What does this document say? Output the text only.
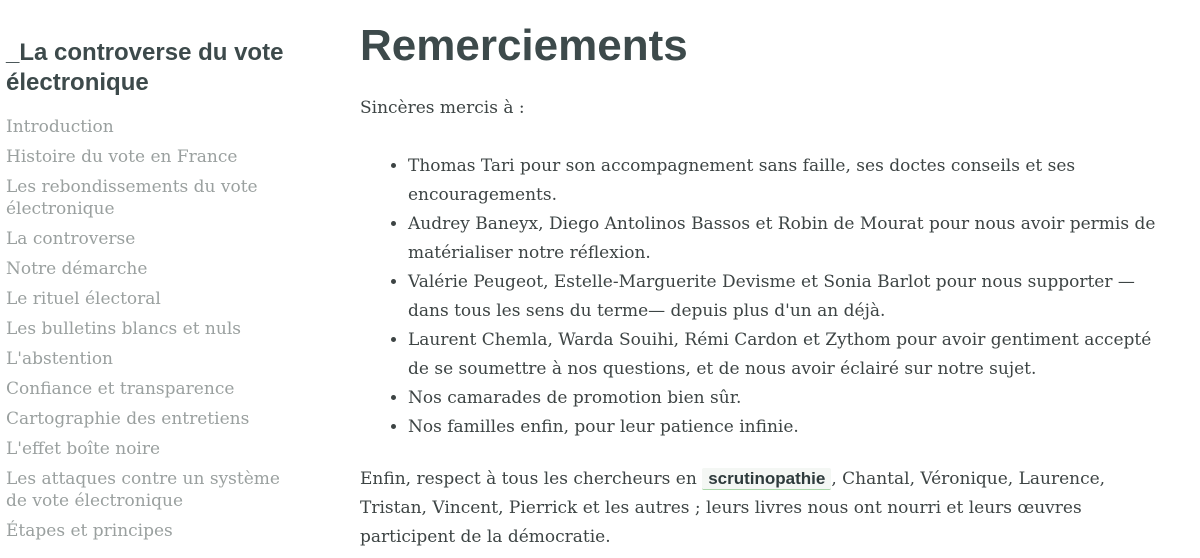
_La controverse du vote électronique
Introduction
Histoire du vote en France
Les rebondissements du vote électronique
La controverse
Notre démarche
Le rituel électoral
Les bulletins blancs et nuls
L'abstention
Confiance et transparence
Cartographie des entretiens
L'effet boîte noire
Les attaques contre un système de vote électronique
Étapes et principes
Remerciements

Sincères mercis à :

• Thomas Tari pour son accompagnement sans faille, ses doctes conseils et ses encouragements.
• Audrey Baneyx, Diego Antolinos Bassos et Robin de Mourat pour nous avoir permis de matérialiser notre réflexion.
• Valérie Peugeot, Estelle-Marguerite Devisme et Sonia Barlot pour nous supporter —dans tous les sens du terme— depuis plus d'un an déjà.
• Laurent Chemla, Warda Souihi, Rémi Cardon et Zythom pour avoir gentiment accepté de se soumettre à nos questions, et de nous avoir éclairé sur notre sujet.
• Nos camarades de promotion bien sûr.
• Nos familles enfin, pour leur patience infinie.

Enfin, respect à tous les chercheurs en scrutinopathie , Chantal, Véronique, Laurence, Tristan, Vincent, Pierrick et les autres ; leurs livres nous ont nourri et leurs œuvres participent de la démocratie.
